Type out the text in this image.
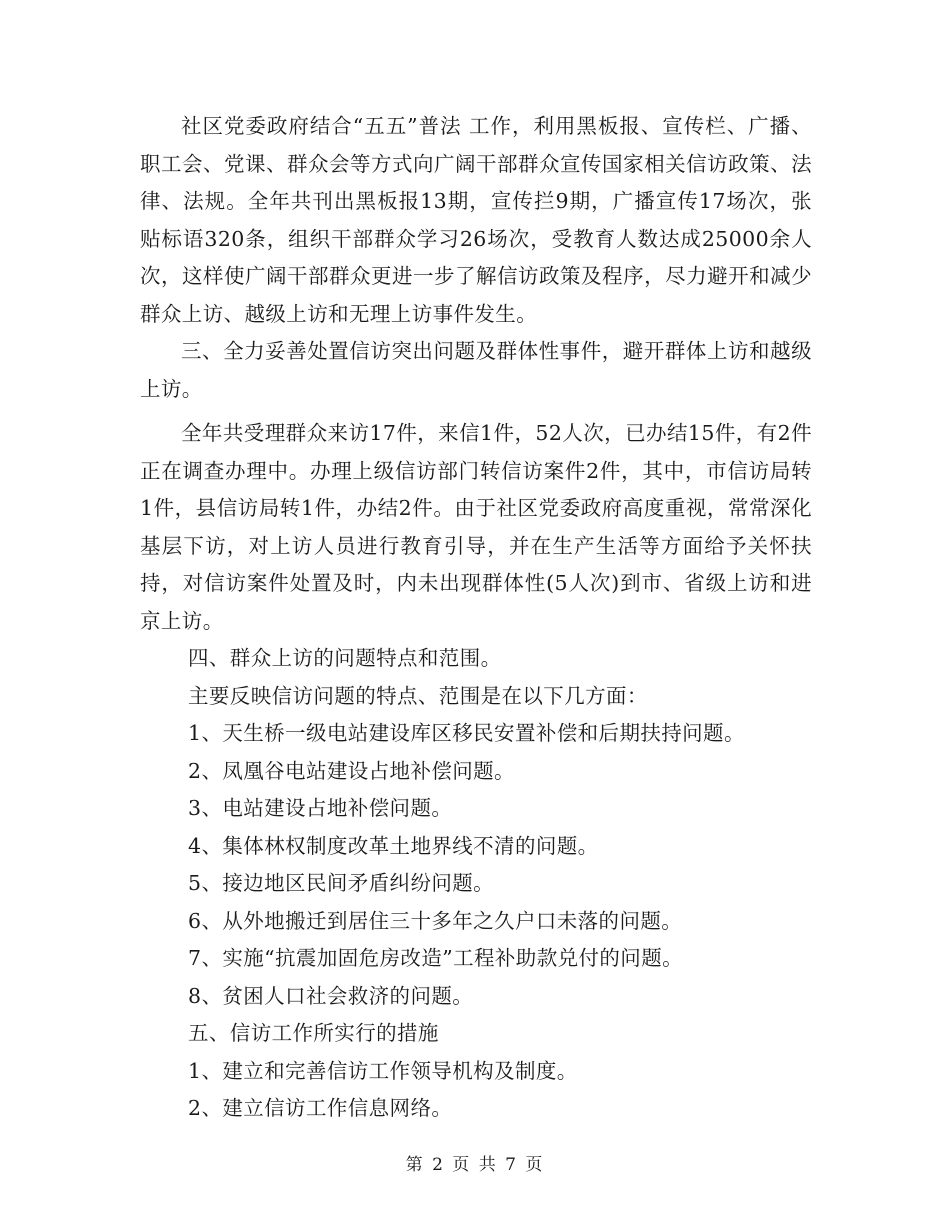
社区党委政府结合“五五”普法 工作，利用黑板报、宣传栏、广播、职工会、党课、群众会等方式向广阔干部群众宣传国家相关信访政策、法律、法规。全年共刊出黑板报13期，宣传拦9期，广播宣传17场次，张贴标语320条，组织干部群众学习26场次，受教育人数达成25000余人次，这样使广阔干部群众更进一步了解信访政策及程序，尽力避开和减少群众上访、越级上访和无理上访事件发生。

三、全力妥善处置信访突出问题及群体性事件，避开群体上访和越级上访。

全年共受理群众来访17件，来信1件，52人次，已办结15件，有2件正在调查办理中。办理上级信访部门转信访案件2件，其中，市信访局转1件，县信访局转1件，办结2件。由于社区党委政府高度重视，常常深化基层下访，对上访人员进行教育引导，并在生产生活等方面给予关怀扶持，对信访案件处置及时，内未出现群体性(5人次)到市、省级上访和进京上访。

四、群众上访的问题特点和范围。

主要反映信访问题的特点、范围是在以下几方面：

1、天生桥一级电站建设库区移民安置补偿和后期扶持问题。

2、凤凰谷电站建设占地补偿问题。

3、电站建设占地补偿问题。

4、集体林权制度改革土地界线不清的问题。

5、接边地区民间矛盾纠纷问题。

6、从外地搬迁到居住三十多年之久户口未落的问题。

7、实施“抗震加固危房改造”工程补助款兑付的问题。

8、贫困人口社会救济的问题。

五、信访工作所实行的措施

1、建立和完善信访工作领导机构及制度。

2、建立信访工作信息网络。

第 2 页 共 7 页
